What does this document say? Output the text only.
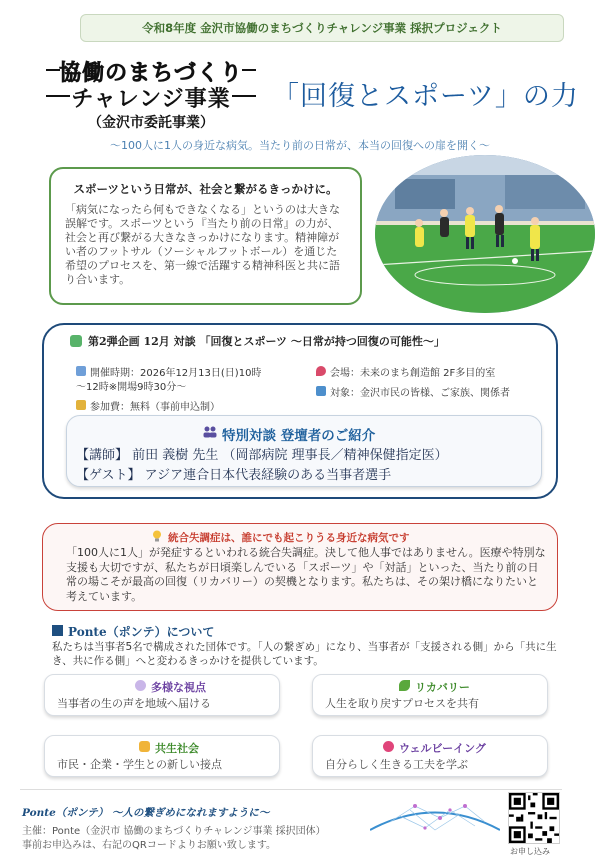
令和8年度 金沢市協働のまちづくりチャレンジ事業 採択プロジェクト
協働のまちづくり
チャレンジ事業
（金沢市委託事業）
「回復とスポーツ」の力
～100人に1人の身近な病気。当たり前の日常が、本当の回復への扉を開く～
スポーツという日常が、社会と繋がるきっかけに。
「病気になったら何もできなくなる」というのは大きな誤解です。スポーツという『当たり前の日常』の力が、社会と再び繋がる大きなきっかけになります。精神障がい者のフットサル（ソーシャルフットボール）を通じた希望のプロセスを、第一線で活躍する精神科医と共に語り合います。
第2弾企画 12月 対談 「回復とスポーツ ～日常が持つ回復の可能性～」
開催時期：2026年12月13日(日)10時
～12時※開場9時30分～
参加費：無料（事前申込制）
会場：未来のまち創造館 2F多目的室
対象：金沢市民の皆様、ご家族、関係者
特別対談 登壇者のご紹介
【講師】 前田 義樹 先生 （岡部病院 理事長／精神保健指定医）
【ゲスト】 アジア連合日本代表経験のある当事者選手
統合失調症は、誰にでも起こりうる身近な病気です
「100人に1人」が発症するといわれる統合失調症。決して他人事ではありません。医療や特別な支援も大切ですが、私たちが日頃楽しんでいる「スポーツ」や「対話」といった、当たり前の日常の場こそが最高の回復（リカバリー）の契機となります。私たちは、その架け橋になりたいと考えています。
Ponte（ポンテ）について
私たちは当事者5名で構成された団体です。「人の繋ぎめ」になり、当事者が「支援される側」から「共に生き、共に作る側」へと変わるきっかけを提供しています。
多様な視点
当事者の生の声を地域へ届ける
リカバリー
人生を取り戻すプロセスを共有
共生社会
市民・企業・学生との新しい接点
ウェルビーイング
自分らしく生きる工夫を学ぶ
Ponte（ポンテ） ～人の繋ぎめになれますように～
主催：Ponte（金沢市 協働のまちづくりチャレンジ事業 採択団体）
事前お申込みは、右記のQRコードよりお願い致します。
お申し込み
